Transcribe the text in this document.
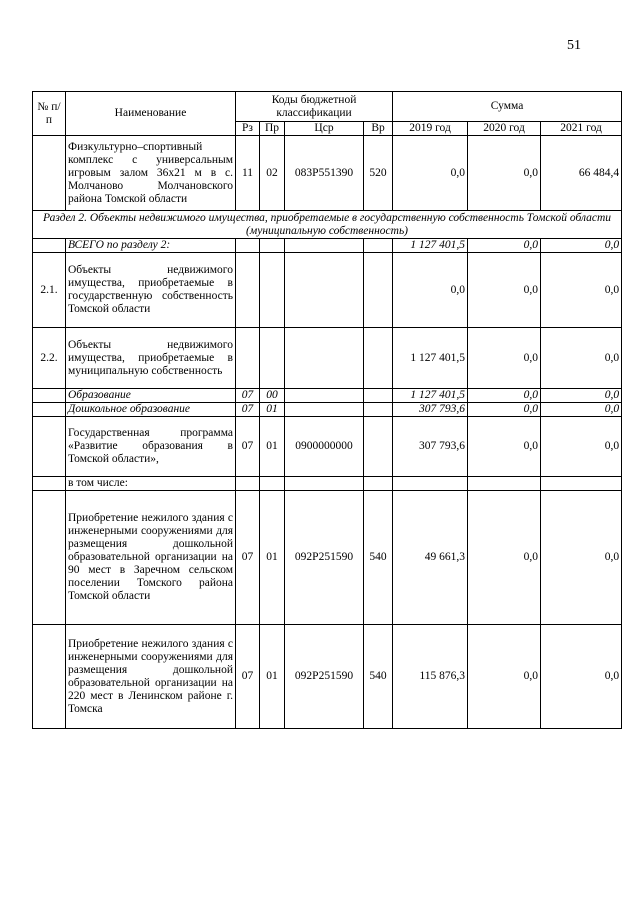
51
№ п/п	Наименование	Коды бюджетной классификации				Сумма		
		Рз	Пр	Цср	Вр	2019 год	2020 год	2021 год
	Физкультурно–спортивный комплекс с универсальным игровым залом 36х21 м в с. Молчаново Молчановского района Томской области	11	02	083P551390	520	0,0	0,0	66 484,4
Раздел 2. Объекты недвижимого имущества, приобретаемые в государственную собственность Томской области (муниципальную собственность)								
	ВСЕГО по разделу 2:					1 127 401,5	0,0	0,0
2.1.	Объекты недвижимого имущества, приобретаемые в государственную собственность Томской области					0,0	0,0	0,0
2.2.	Объекты недвижимого имущества, приобретаемые в муниципальную собственность					1 127 401,5	0,0	0,0
	Образование	07	00			1 127 401,5	0,0	0,0
	Дошкольное образование	07	01			307 793,6	0,0	0,0
	Государственная программа «Развитие образования в Томской области»,	07	01	0900000000		307 793,6	0,0	0,0
	в том числе:							
	Приобретение нежилого здания с инженерными сооружениями для размещения дошкольной образовательной организации на 90 мест в Заречном сельском поселении Томского района Томской области	07	01	092P251590	540	49 661,3	0,0	0,0
	Приобретение нежилого здания с инженерными сооружениями для размещения дошкольной образовательной организации на 220 мест в Ленинском районе г. Томска	07	01	092P251590	540	115 876,3	0,0	0,0
